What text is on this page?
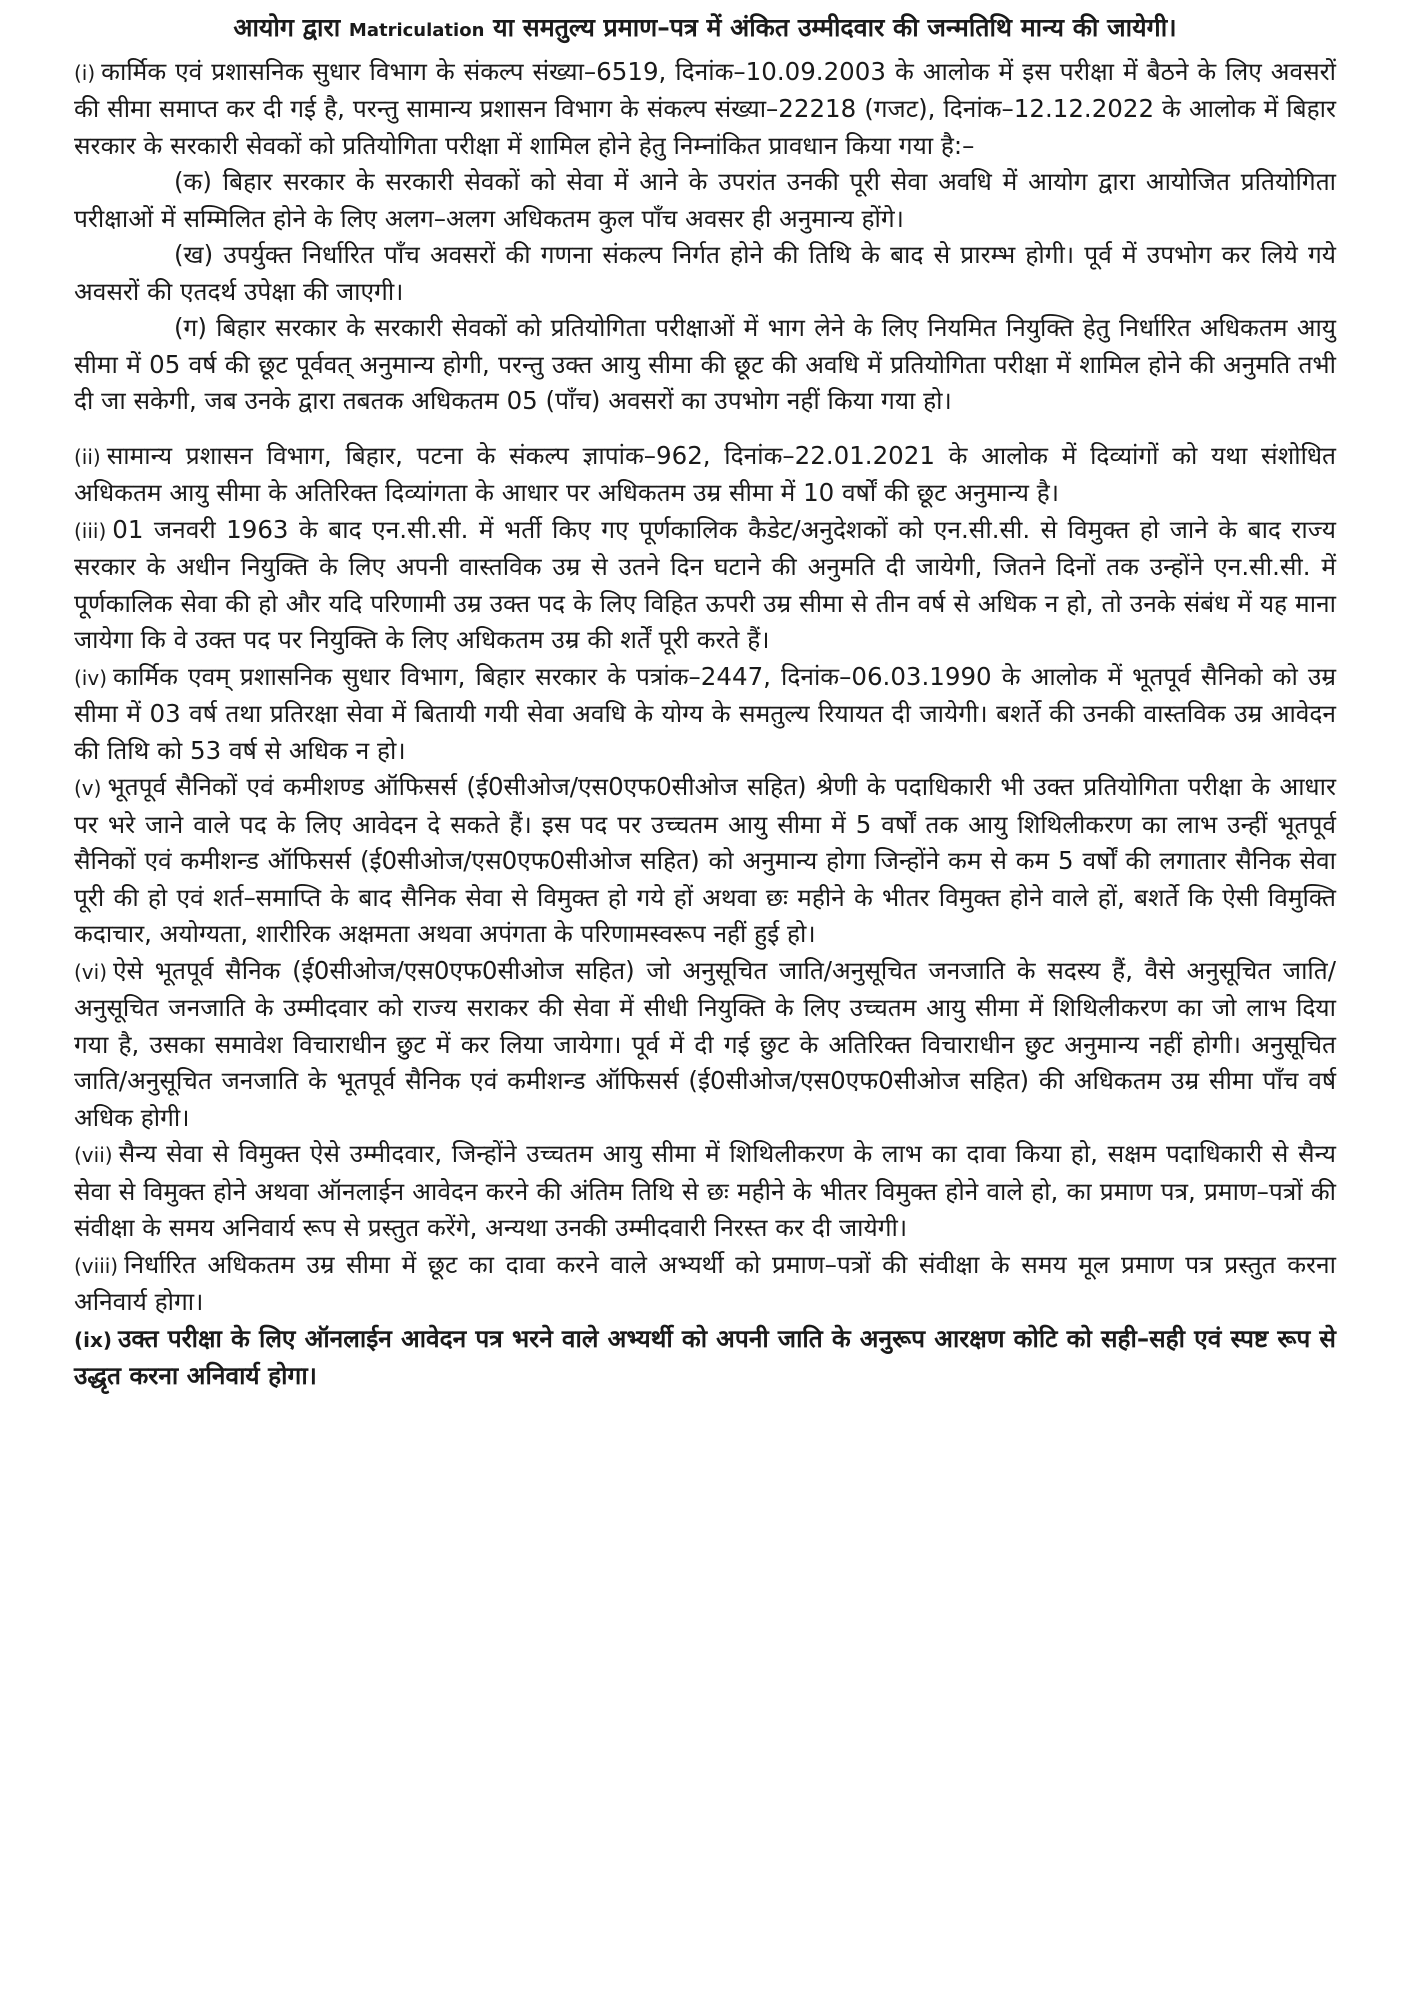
आयोग द्वारा Matriculation या समतुल्य प्रमाण–पत्र में अंकित उम्मीदवार की जन्मतिथि मान्य की जायेगी।

(i) कार्मिक एवं प्रशासनिक सुधार विभाग के संकल्प संख्या–6519, दिनांक–10.09.2003 के आलोक में इस परीक्षा में बैठने के लिए अवसरों की सीमा समाप्त कर दी गई है, परन्तु सामान्य प्रशासन विभाग के संकल्प संख्या–22218 (गजट), दिनांक–12.12.2022 के आलोक में बिहार सरकार के सरकारी सेवकों को प्रतियोगिता परीक्षा में शामिल होने हेतु निम्नांकित प्रावधान किया गया है:–

(क) बिहार सरकार के सरकारी सेवकों को सेवा में आने के उपरांत उनकी पूरी सेवा अवधि में आयोग द्वारा आयोजित प्रतियोगिता परीक्षाओं में सम्मिलित होने के लिए अलग–अलग अधिकतम कुल पाँच अवसर ही अनुमान्य होंगे।

(ख) उपर्युक्त निर्धारित पाँच अवसरों की गणना संकल्प निर्गत होने की तिथि के बाद से प्रारम्भ होगी। पूर्व में उपभोग कर लिये गये अवसरों की एतदर्थ उपेक्षा की जाएगी।

(ग) बिहार सरकार के सरकारी सेवकों को प्रतियोगिता परीक्षाओं में भाग लेने के लिए नियमित नियुक्ति हेतु निर्धारित अधिकतम आयु सीमा में 05 वर्ष की छूट पूर्ववत् अनुमान्य होगी, परन्तु उक्त आयु सीमा की छूट की अवधि में प्रतियोगिता परीक्षा में शामिल होने की अनुमति तभी दी जा सकेगी, जब उनके द्वारा तबतक अधिकतम 05 (पाँच) अवसरों का उपभोग नहीं किया गया हो।

(ii) सामान्य प्रशासन विभाग, बिहार, पटना के संकल्प ज्ञापांक–962, दिनांक–22.01.2021 के आलोक में दिव्यांगों को यथा संशोधित अधिकतम आयु सीमा के अतिरिक्त दिव्यांगता के आधार पर अधिकतम उम्र सीमा में 10 वर्षों की छूट अनुमान्य है।

(iii) 01 जनवरी 1963 के बाद एन.सी.सी. में भर्ती किए गए पूर्णकालिक कैडेट/अनुदेशकों को एन.सी.सी. से विमुक्त हो जाने के बाद राज्य सरकार के अधीन नियुक्ति के लिए अपनी वास्तविक उम्र से उतने दिन घटाने की अनुमति दी जायेगी, जितने दिनों तक उन्होंने एन.सी.सी. में पूर्णकालिक सेवा की हो और यदि परिणामी उम्र उक्त पद के लिए विहित ऊपरी उम्र सीमा से तीन वर्ष से अधिक न हो, तो उनके संबंध में यह माना जायेगा कि वे उक्त पद पर नियुक्ति के लिए अधिकतम उम्र की शर्तें पूरी करते हैं।

(iv) कार्मिक एवम् प्रशासनिक सुधार विभाग, बिहार सरकार के पत्रांक–2447, दिनांक–06.03.1990 के आलोक में भूतपूर्व सैनिको को उम्र सीमा में 03 वर्ष तथा प्रतिरक्षा सेवा में बितायी गयी सेवा अवधि के योग्य के समतुल्य रियायत दी जायेगी। बशर्ते की उनकी वास्तविक उम्र आवेदन की तिथि को 53 वर्ष से अधिक न हो।

(v) भूतपूर्व सैनिकों एवं कमीशण्ड ऑफिसर्स (ई0सीओज/एस0एफ0सीओज सहित) श्रेणी के पदाधिकारी भी उक्त प्रतियोगिता परीक्षा के आधार पर भरे जाने वाले पद के लिए आवेदन दे सकते हैं। इस पद पर उच्चतम आयु सीमा में 5 वर्षों तक आयु शिथिलीकरण का लाभ उन्हीं भूतपूर्व सैनिकों एवं कमीशन्ड ऑफिसर्स (ई0सीओज/एस0एफ0सीओज सहित) को अनुमान्य होगा जिन्होंने कम से कम 5 वर्षों की लगातार सैनिक सेवा पूरी की हो एवं शर्त–समाप्ति के बाद सैनिक सेवा से विमुक्त हो गये हों अथवा छः महीने के भीतर विमुक्त होने वाले हों, बशर्ते कि ऐसी विमुक्ति कदाचार, अयोग्यता, शारीरिक अक्षमता अथवा अपंगता के परिणामस्वरूप नहीं हुई हो।

(vi) ऐसे भूतपूर्व सैनिक (ई0सीओज/एस0एफ0सीओज सहित) जो अनुसूचित जाति/अनुसूचित जनजाति के सदस्य हैं, वैसे अनुसूचित जाति/अनुसूचित जनजाति के उम्मीदवार को राज्य सराकर की सेवा में सीधी नियुक्ति के लिए उच्चतम आयु सीमा में शिथिलीकरण का जो लाभ दिया गया है, उसका समावेश विचाराधीन छुट में कर लिया जायेगा। पूर्व में दी गई छुट के अतिरिक्त विचाराधीन छुट अनुमान्य नहीं होगी। अनुसूचित जाति/अनुसूचित जनजाति के भूतपूर्व सैनिक एवं कमीशन्ड ऑफिसर्स (ई0सीओज/एस0एफ0सीओज सहित) की अधिकतम उम्र सीमा पाँच वर्ष अधिक होगी।

(vii) सैन्य सेवा से विमुक्त ऐसे उम्मीदवार, जिन्होंने उच्चतम आयु सीमा में शिथिलीकरण के लाभ का दावा किया हो, सक्षम पदाधिकारी से सैन्य सेवा से विमुक्त होने अथवा ऑनलाईन आवेदन करने की अंतिम तिथि से छः महीने के भीतर विमुक्त होने वाले हो, का प्रमाण पत्र, प्रमाण–पत्रों की संवीक्षा के समय अनिवार्य रूप से प्रस्तुत करेंगे, अन्यथा उनकी उम्मीदवारी निरस्त कर दी जायेगी।

(viii) निर्धारित अधिकतम उम्र सीमा में छूट का दावा करने वाले अभ्यर्थी को प्रमाण–पत्रों की संवीक्षा के समय मूल प्रमाण पत्र प्रस्तुत करना अनिवार्य होगा।

(ix) उक्त परीक्षा के लिए ऑनलाईन आवेदन पत्र भरने वाले अभ्यर्थी को अपनी जाति के अनुरूप आरक्षण कोटि को सही–सही एवं स्पष्ट रूप से उद्धृत करना अनिवार्य होगा।
